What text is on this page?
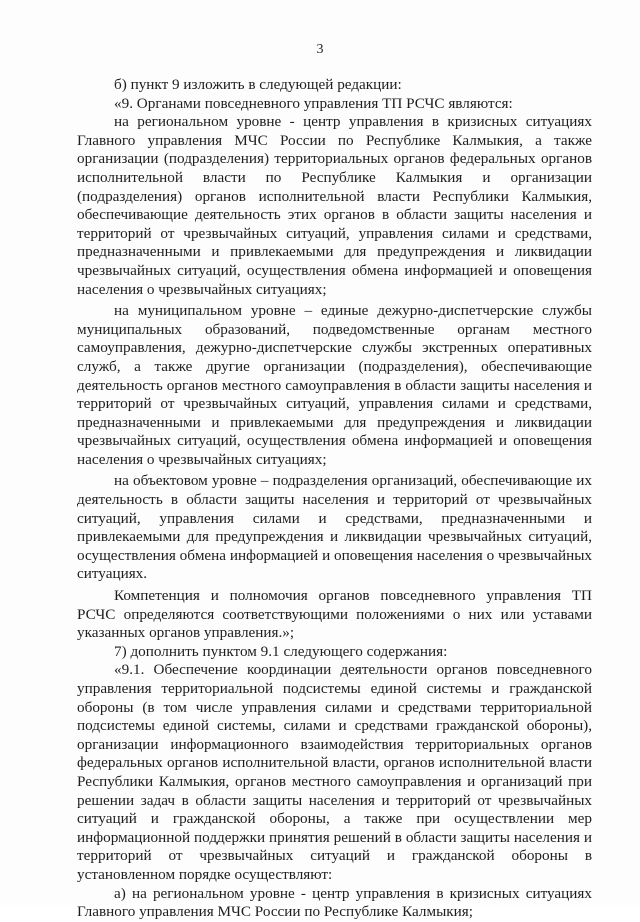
3

б) пункт 9 изложить в следующей редакции:

«9. Органами повседневного управления ТП РСЧС являются:

на региональном уровне - центр управления в кризисных ситуациях Главного управления МЧС России по Республике Калмыкия, а также организации (подразделения) территориальных органов федеральных органов исполнительной власти по Республике Калмыкия и организации (подразделения) органов исполнительной власти Республики Калмыкия, обеспечивающие деятельность этих органов в области защиты населения и территорий от чрезвычайных ситуаций, управления силами и средствами, предназначенными и привлекаемыми для предупреждения и ликвидации чрезвычайных ситуаций, осуществления обмена информацией и оповещения населения о чрезвычайных ситуациях;

на муниципальном уровне – единые дежурно-диспетчерские службы муниципальных образований, подведомственные органам местного самоуправления, дежурно-диспетчерские службы экстренных оперативных служб, а также другие организации (подразделения), обеспечивающие деятельность органов местного самоуправления в области защиты населения и территорий от чрезвычайных ситуаций, управления силами и средствами, предназначенными и привлекаемыми для предупреждения и ликвидации чрезвычайных ситуаций, осуществления обмена информацией и оповещения населения о чрезвычайных ситуациях;

на объектовом уровне – подразделения организаций, обеспечивающие их деятельность в области защиты населения и территорий от чрезвычайных ситуаций, управления силами и средствами, предназначенными и привлекаемыми для предупреждения и ликвидации чрезвычайных ситуаций, осуществления обмена информацией и оповещения населения о чрезвычайных ситуациях.

Компетенция и полномочия органов повседневного управления ТП РСЧС определяются соответствующими положениями о них или уставами указанных органов управления.»;

7) дополнить пунктом 9.1 следующего содержания:

«9.1. Обеспечение координации деятельности органов повседневного управления территориальной подсистемы единой системы и гражданской обороны (в том числе управления силами и средствами территориальной подсистемы единой системы, силами и средствами гражданской обороны), организации информационного взаимодействия территориальных органов федеральных органов исполнительной власти, органов исполнительной власти Республики Калмыкия, органов местного самоуправления и организаций при решении задач в области защиты населения и территорий от чрезвычайных ситуаций и гражданской обороны, а также при осуществлении мер информационной поддержки принятия решений в области защиты населения и территорий от чрезвычайных ситуаций и гражданской обороны в установленном порядке осуществляют:

а) на региональном уровне - центр управления в кризисных ситуациях Главного управления МЧС России по Республике Калмыкия;
